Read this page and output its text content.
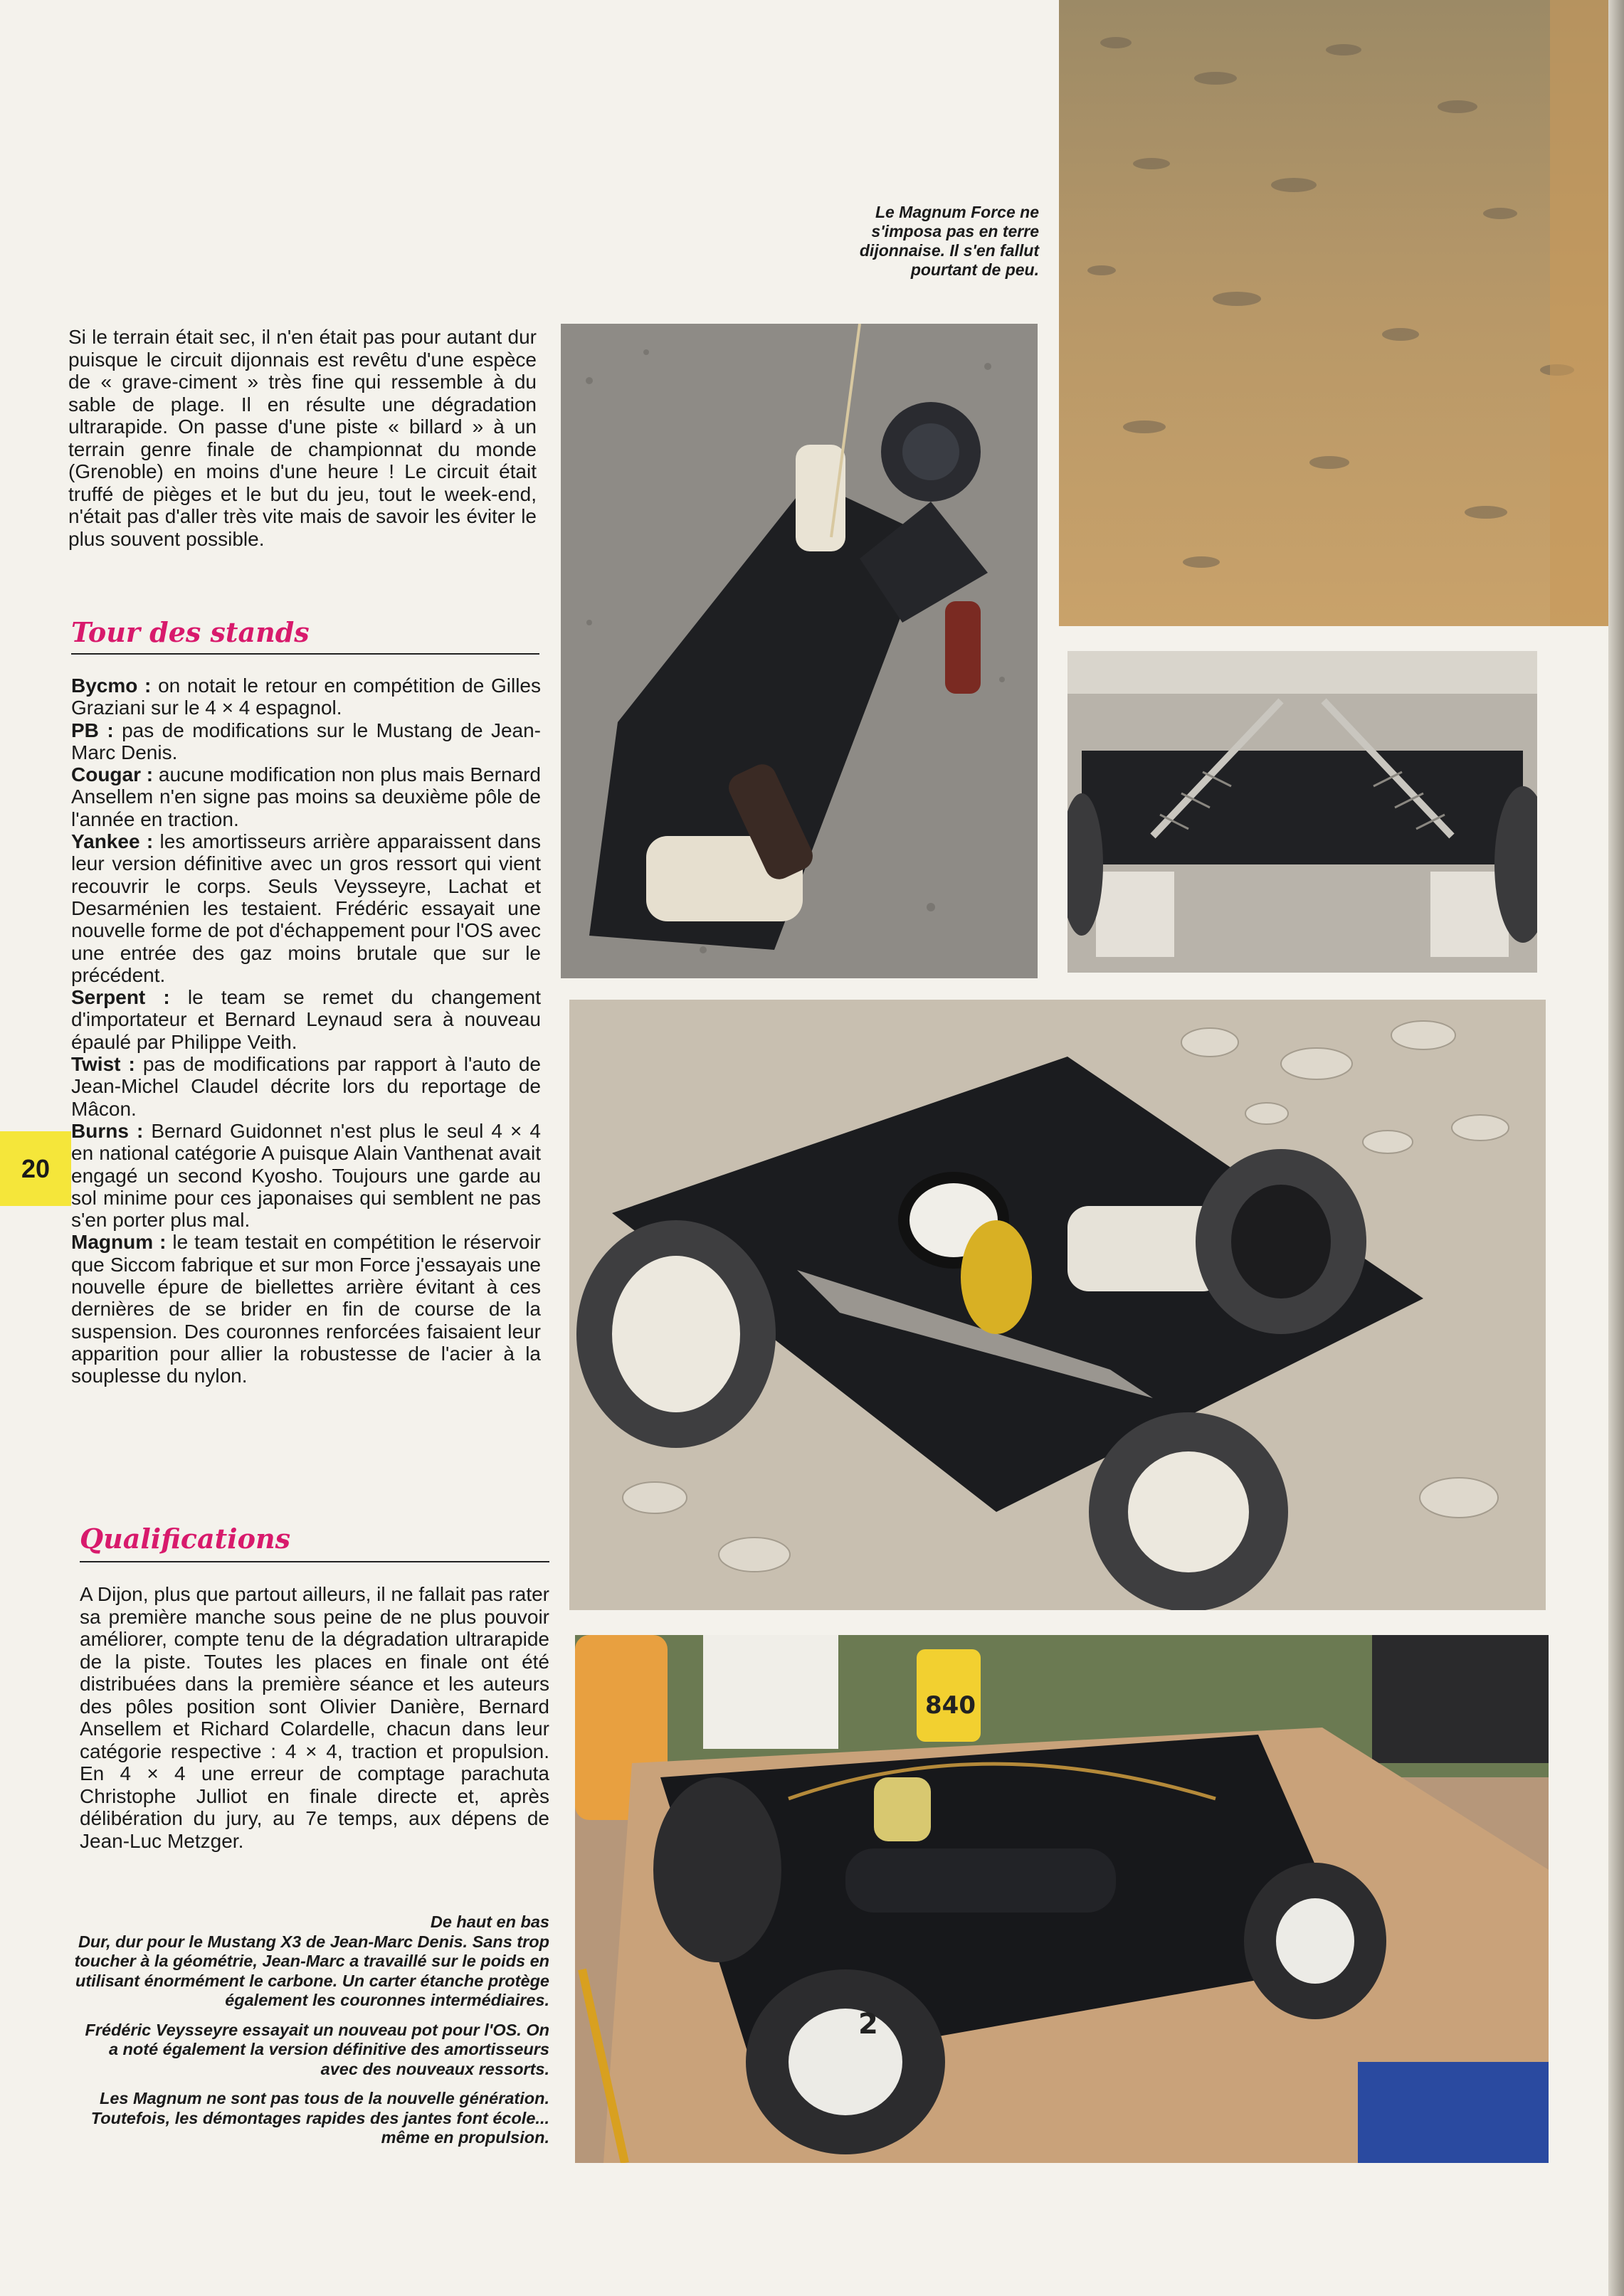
Le Magnum Force ne
s'imposa pas en terre
dijonnaise. Il s'en fallut
pourtant de peu.
840
2

Si le terrain était sec, il n'en était pas pour autant dur puisque le circuit dijonnais est revêtu d'une espèce de « grave-ciment » très fine qui ressemble à du sable de plage. Il en résulte une dégradation ultrarapide. On passe d'une piste « billard » à un terrain genre finale de championnat du monde (Grenoble) en moins d'une heure ! Le circuit était truffé de pièges et le but du jeu, tout le week-end, n'était pas d'aller très vite mais de savoir les éviter le plus souvent possible.

Tour des stands

Bycmo : on notait le retour en compétition de Gilles Graziani sur le 4 × 4 espagnol.

PB : pas de modifications sur le Mustang de Jean-Marc Denis.

Cougar : aucune modification non plus mais Bernard Ansellem n'en signe pas moins sa deuxième pôle de l'année en traction.

Yankee : les amortisseurs arrière apparaissent dans leur version définitive avec un gros ressort qui vient recouvrir le corps. Seuls Veysseyre, Lachat et Desarménien les testaient. Frédéric essayait une nouvelle forme de pot d'échappement pour l'OS avec une entrée des gaz moins brutale que sur le précédent.

Serpent : le team se remet du changement d'importateur et Bernard Leynaud sera à nouveau épaulé par Philippe Veith.

Twist : pas de modifications par rapport à l'auto de Jean-Michel Claudel décrite lors du reportage de Mâcon.

Burns : Bernard Guidonnet n'est plus le seul 4 × 4 en national catégorie A puisque Alain Vanthenat avait engagé un second Kyosho. Toujours une garde au sol minime pour ces japonaises qui semblent ne pas s'en porter plus mal.

Magnum : le team testait en compétition le réservoir que Siccom fabrique et sur mon Force j'essayais une nouvelle épure de biellettes arrière évitant à ces dernières de se brider en fin de course de la suspension. Des couronnes renforcées faisaient leur apparition pour allier la robustesse de l'acier à la souplesse du nylon.

20
Qualifications

A Dijon, plus que partout ailleurs, il ne fallait pas rater sa première manche sous peine de ne plus pouvoir améliorer, compte tenu de la dégradation ultrarapide de la piste. Toutes les places en finale ont été distribuées dans la première séance et les auteurs des pôles position sont Olivier Danière, Bernard Ansellem et Richard Colardelle, chacun dans leur catégorie respective : 4 × 4, traction et propulsion. En 4 × 4 une erreur de comptage parachuta Christophe Julliot en finale directe et, après délibération du jury, au 7e temps, aux dépens de Jean-Luc Metzger.

De haut en bas
Dur, dur pour le Mustang X3 de Jean-Marc Denis. Sans trop toucher à la géométrie, Jean-Marc a travaillé sur le poids en utilisant énormément le carbone. Un carter étanche protège également les couronnes intermédiaires.

Frédéric Veysseyre essayait un nouveau pot pour l'OS. On a noté également la version définitive des amortisseurs avec des nouveaux ressorts.

Les Magnum ne sont pas tous de la nouvelle génération. Toutefois, les démontages rapides des jantes font école... même en propulsion.
